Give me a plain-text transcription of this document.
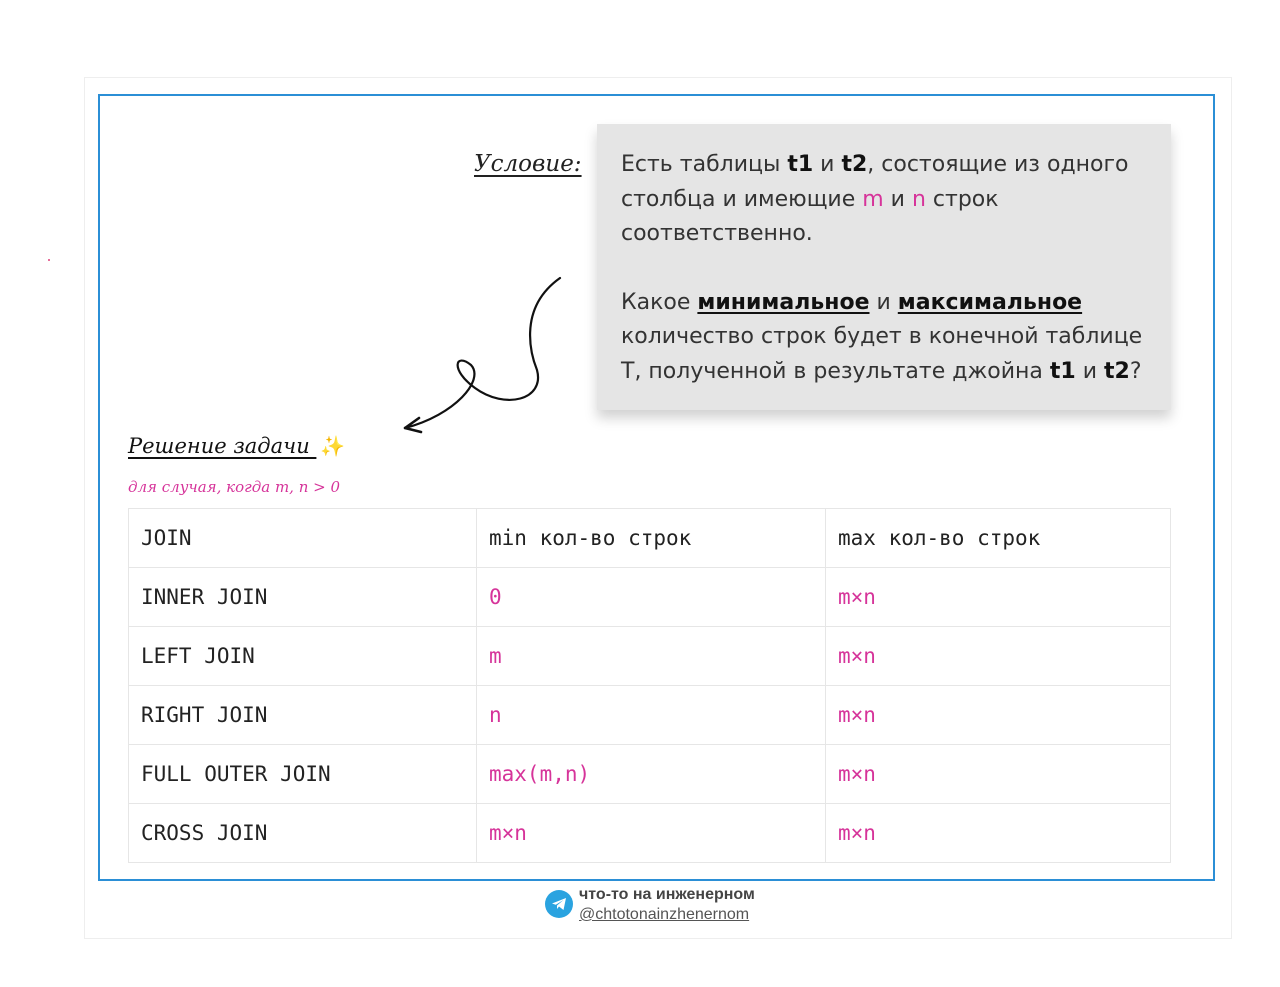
Условие: Есть таблицы t1 и t2, состоящие из одного столбца и имеющие m и n строк соответственно.

Какое минимальное и максимальное количество строк будет в конечной таблице Т, полученной в результате джойна t1 и t2?

Решение задачи ✨
для случая, когда m, n > 0
JOIN	min кол-во строк	max кол-во строк
INNER JOIN	0	m×n
LEFT JOIN	m	m×n
RIGHT JOIN	n	m×n
FULL OUTER JOIN	max(m,n)	m×n
CROSS JOIN	m×n	m×n
что-то на инженерном
@chtotonainzhenernom
